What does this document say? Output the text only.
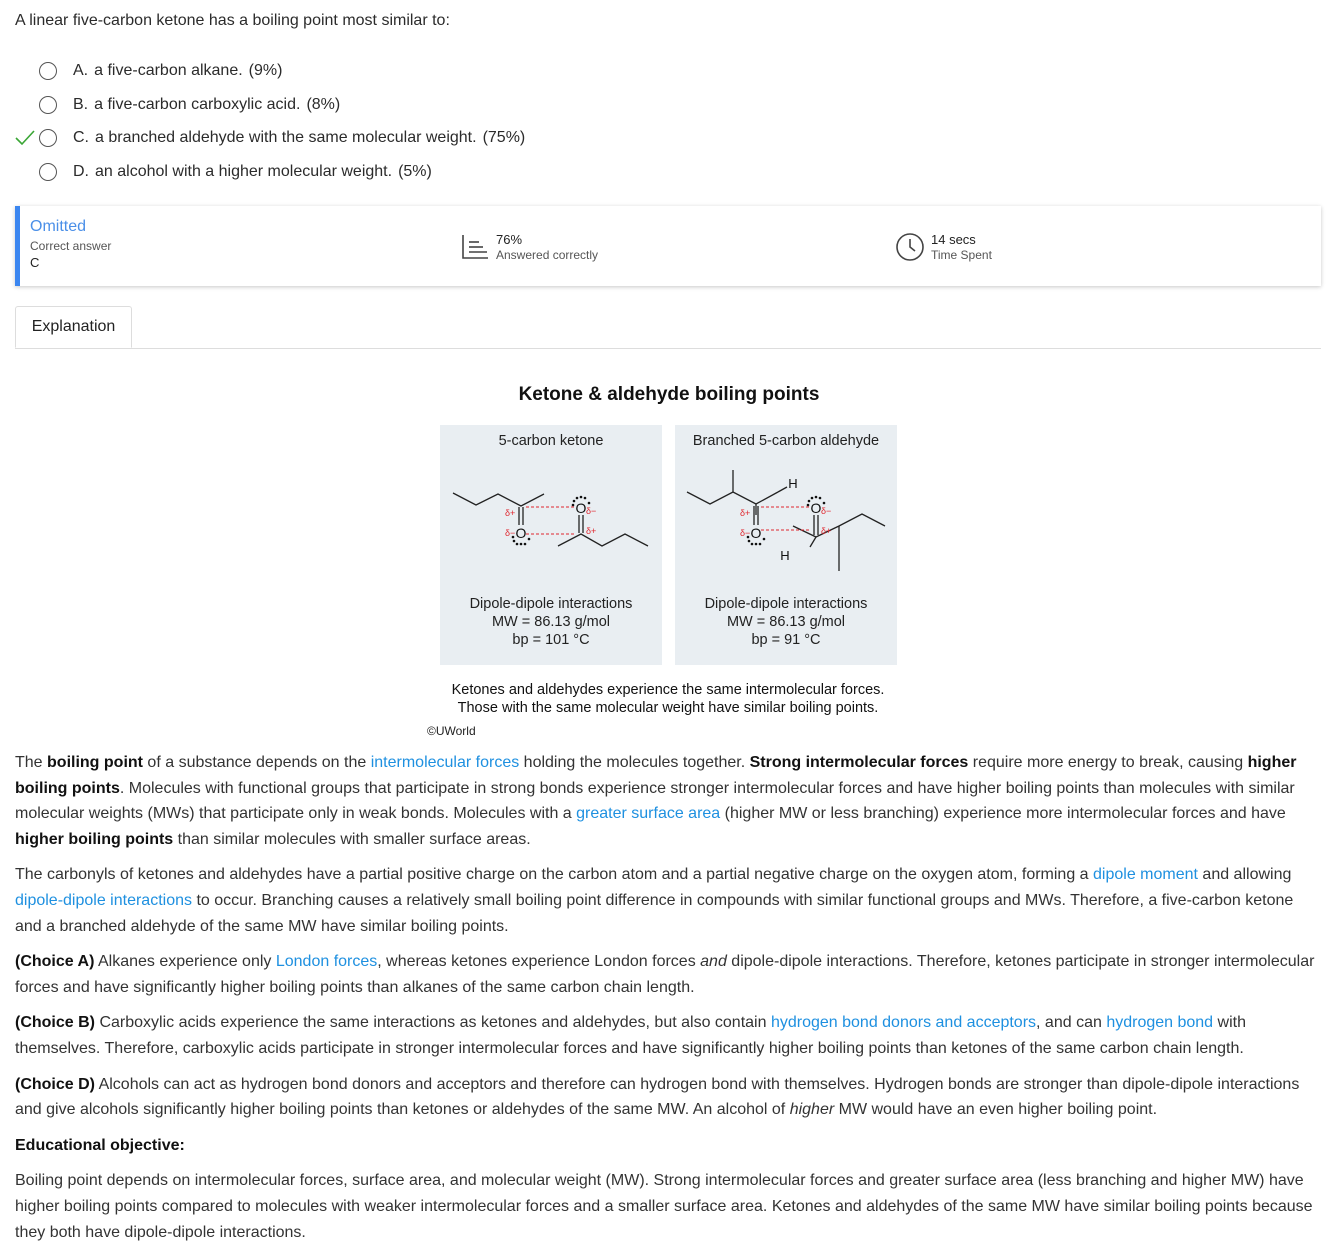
A linear five-carbon ketone has a boiling point most similar to:
A. a five-carbon alkane. (9%)
B. a five-carbon carboxylic acid. (8%)
C. a branched aldehyde with the same molecular weight. (75%)
D. an alcohol with a higher molecular weight. (5%)
Omitted
Correct answer
C
76%
Answered correctly
14 secs
Time Spent
Explanation
Ketone & aldehyde boiling points
O
O
δ+
δ−
δ−
δ+
5-carbon ketone
Dipole-dipole interactions
MW = 86.13 g/mol
bp = 101 °C
H
H
O
O
δ+
δ−
δ−
δ+
Branched 5-carbon aldehyde
Dipole-dipole interactions
MW = 86.13 g/mol
bp = 91 °C
Ketones and aldehydes experience the same intermolecular forces.
Those with the same molecular weight have similar boiling points.
©UWorld

The boiling point of a substance depends on the intermolecular forces holding the molecules together. Strong intermolecular forces require more energy to break, causing higher boiling points. Molecules with functional groups that participate in strong bonds experience stronger intermolecular forces and have higher boiling points than molecules with similar molecular weights (MWs) that participate only in weak bonds. Molecules with a greater surface area (higher MW or less branching) experience more intermolecular forces and have higher boiling points than similar molecules with smaller surface areas.

The carbonyls of ketones and aldehydes have a partial positive charge on the carbon atom and a partial negative charge on the oxygen atom, forming a dipole moment and allowing dipole-dipole interactions to occur. Branching causes a relatively small boiling point difference in compounds with similar functional groups and MWs. Therefore, a five-carbon ketone and a branched aldehyde of the same MW have similar boiling points.

(Choice A) Alkanes experience only London forces, whereas ketones experience London forces and dipole-dipole interactions. Therefore, ketones participate in stronger intermolecular forces and have significantly higher boiling points than alkanes of the same carbon chain length.

(Choice B) Carboxylic acids experience the same interactions as ketones and aldehydes, but also contain hydrogen bond donors and acceptors, and can hydrogen bond with themselves. Therefore, carboxylic acids participate in stronger intermolecular forces and have significantly higher boiling points than ketones of the same carbon chain length.

(Choice D) Alcohols can act as hydrogen bond donors and acceptors and therefore can hydrogen bond with themselves. Hydrogen bonds are stronger than dipole-dipole interactions and give alcohols significantly higher boiling points than ketones or aldehydes of the same MW. An alcohol of higher MW would have an even higher boiling point.

Educational objective:

Boiling point depends on intermolecular forces, surface area, and molecular weight (MW). Strong intermolecular forces and greater surface area (less branching and higher MW) have higher boiling points compared to molecules with weaker intermolecular forces and a smaller surface area. Ketones and aldehydes of the same MW have similar boiling points because they both have dipole-dipole interactions.
